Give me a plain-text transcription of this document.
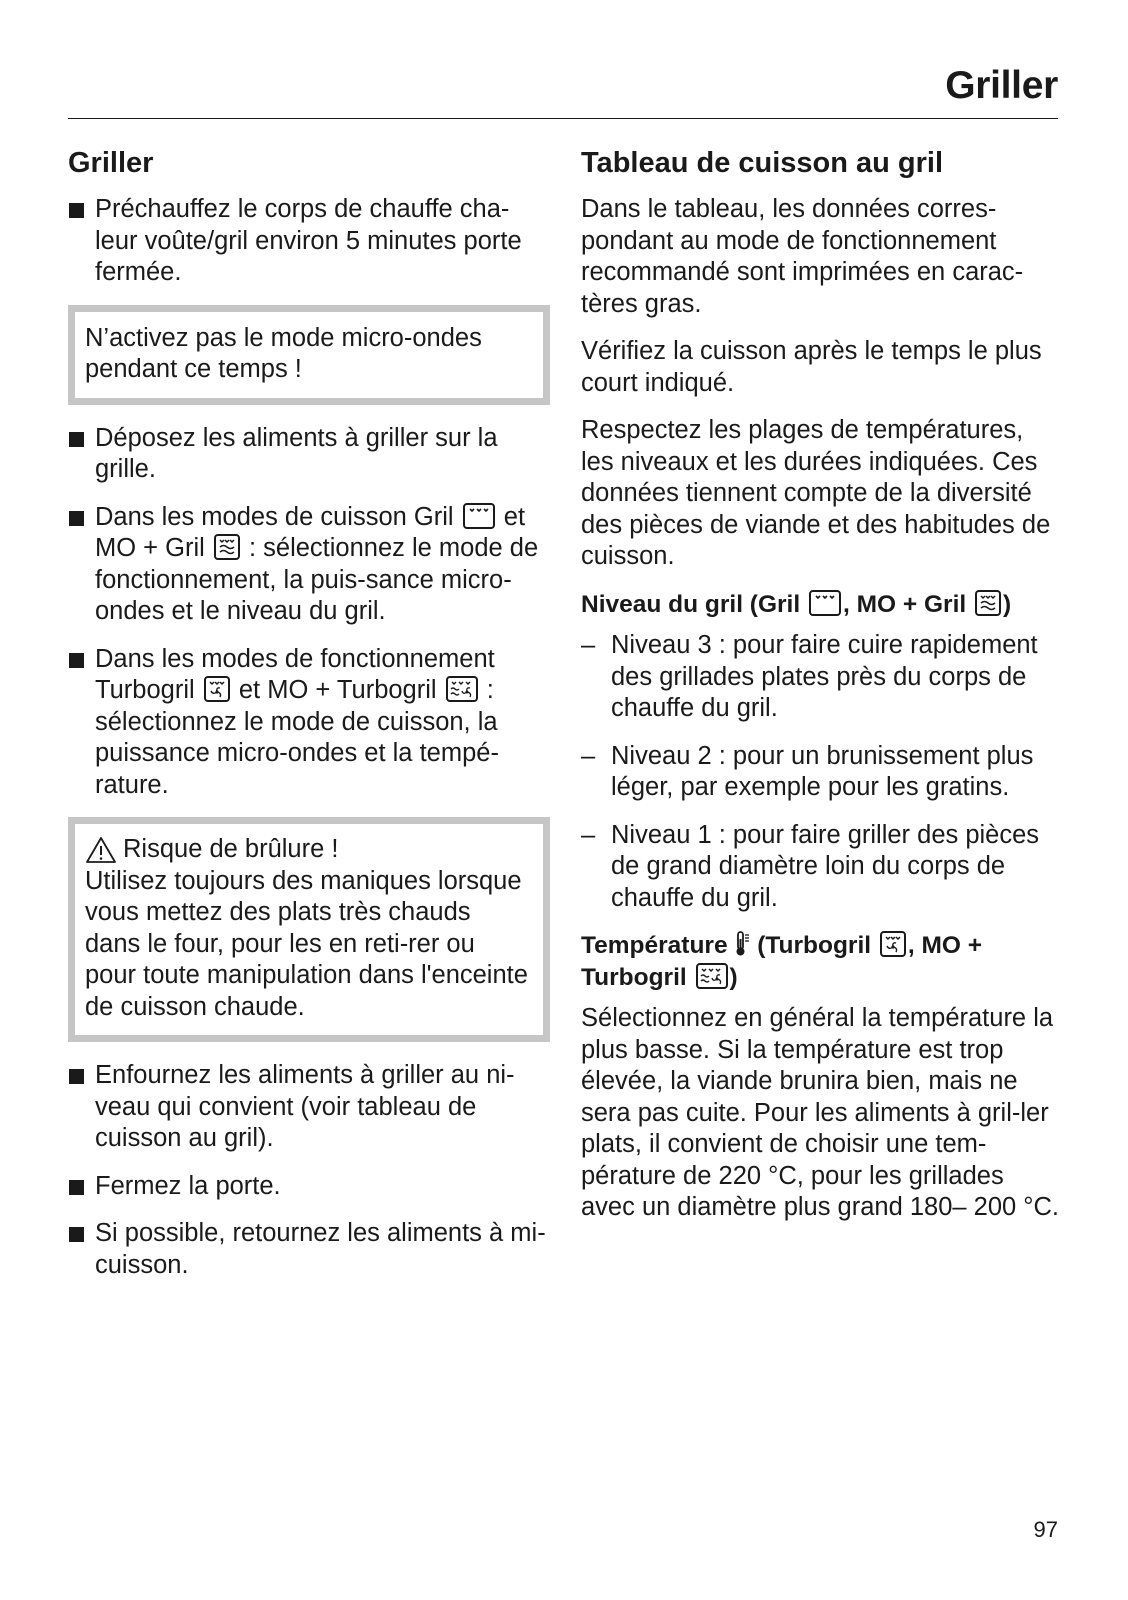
Griller
Griller
Préchauffez le corps de chauffe cha-leur voûte/gril environ 5 minutes porte fermée.
N’activez pas le mode micro-ondes pendant ce temps !
Déposez les aliments à griller sur la grille.
Dans les modes de cuisson Gril et MO + Gril : sélectionnez le mode de fonctionnement, la puis-sance micro-ondes et le niveau du gril.
Dans les modes de fonctionnement Turbogril et MO + Turbogril : sélectionnez le mode de cuisson, la puissance micro-ondes et la tempé-rature.
Risque de brûlure !
Utilisez toujours des maniques lorsque vous mettez des plats très chauds dans le four, pour les en reti-rer ou pour toute manipulation dans l'enceinte de cuisson chaude.
Enfournez les aliments à griller au ni-veau qui convient (voir tableau de cuisson au gril).
Fermez la porte.
Si possible, retournez les aliments à mi-cuisson.
Tableau de cuisson au gril

Dans le tableau, les données corres-pondant au mode de fonctionnement recommandé sont imprimées en carac-tères gras.

Vérifiez la cuisson après le temps le plus court indiqué.

Respectez les plages de températures, les niveaux et les durées indiquées. Ces données tiennent compte de la diversité des pièces de viande et des habitudes de cuisson.

Niveau du gril (Gril , MO + Gril )
– Niveau 3 : pour faire cuire rapidement des grillades plates près du corps de chauffe du gril.
– Niveau 2 : pour un brunissement plus léger, par exemple pour les gratins.
– Niveau 1 : pour faire griller des pièces de grand diamètre loin du corps de chauffe du gril.
Température (Turbogril , MO +
Turbogril )

Sélectionnez en général la température la plus basse. Si la température est trop élevée, la viande brunira bien, mais ne sera pas cuite. Pour les aliments à gril-ler plats, il convient de choisir une tem-pérature de 220 °C, pour les grillades avec un diamètre plus grand 180– 200 °C.

97
